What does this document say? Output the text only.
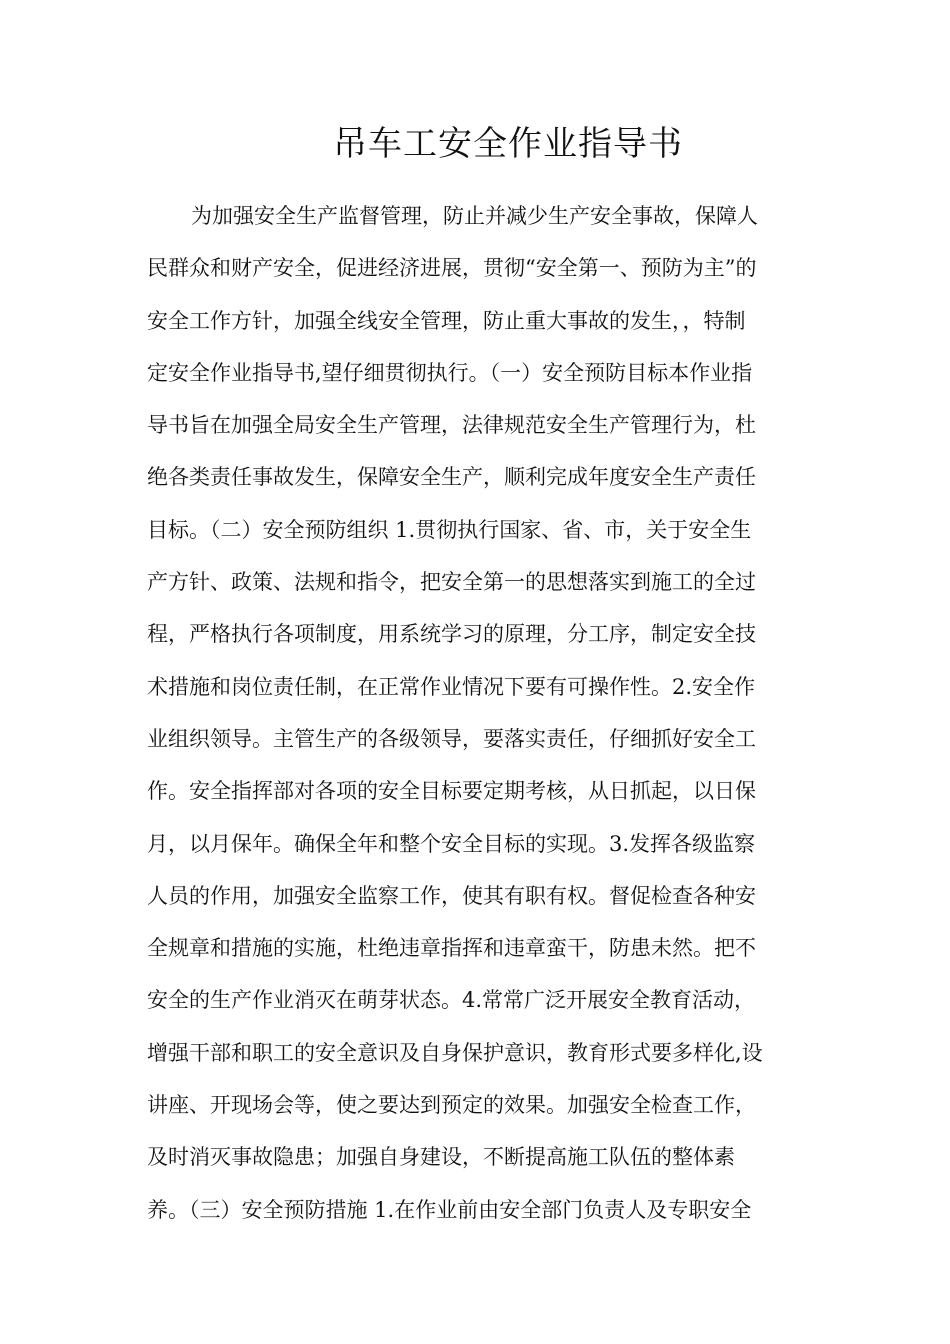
吊车工安全作业指导书
为加强安全生产监督管理，防止并减少生产安全事故，保障人
民群众和财产安全，促进经济进展，贯彻“安全第一、预防为主”的
安全工作方针，加强全线安全管理，防止重大事故的发生，，特制
定安全作业指导书,望仔细贯彻执行。（一）安全预防目标本作业指
导书旨在加强全局安全生产管理，法律规范安全生产管理行为，杜
绝各类责任事故发生，保障安全生产，顺利完成年度安全生产责任
目标。（二）安全预防组织 1.贯彻执行国家、省、市，关于安全生
产方针、政策、法规和指令，把安全第一的思想落实到施工的全过
程，严格执行各项制度，用系统学习的原理，分工序，制定安全技
术措施和岗位责任制，在正常作业情况下要有可操作性。2.安全作
业组织领导。主管生产的各级领导，要落实责任，仔细抓好安全工
作。安全指挥部对各项的安全目标要定期考核，从日抓起，以日保
月，以月保年。确保全年和整个安全目标的实现。3.发挥各级监察
人员的作用，加强安全监察工作，使其有职有权。督促检查各种安
全规章和措施的实施，杜绝违章指挥和违章蛮干，防患未然。把不
安全的生产作业消灭在萌芽状态。4.常常广泛开展安全教育活动，
增强干部和职工的安全意识及自身保护意识，教育形式要多样化,设
讲座、开现场会等，使之要达到预定的效果。加强安全检查工作，
及时消灭事故隐患；加强自身建设，不断提高施工队伍的整体素
养。（三）安全预防措施 1.在作业前由安全部门负责人及专职安全
